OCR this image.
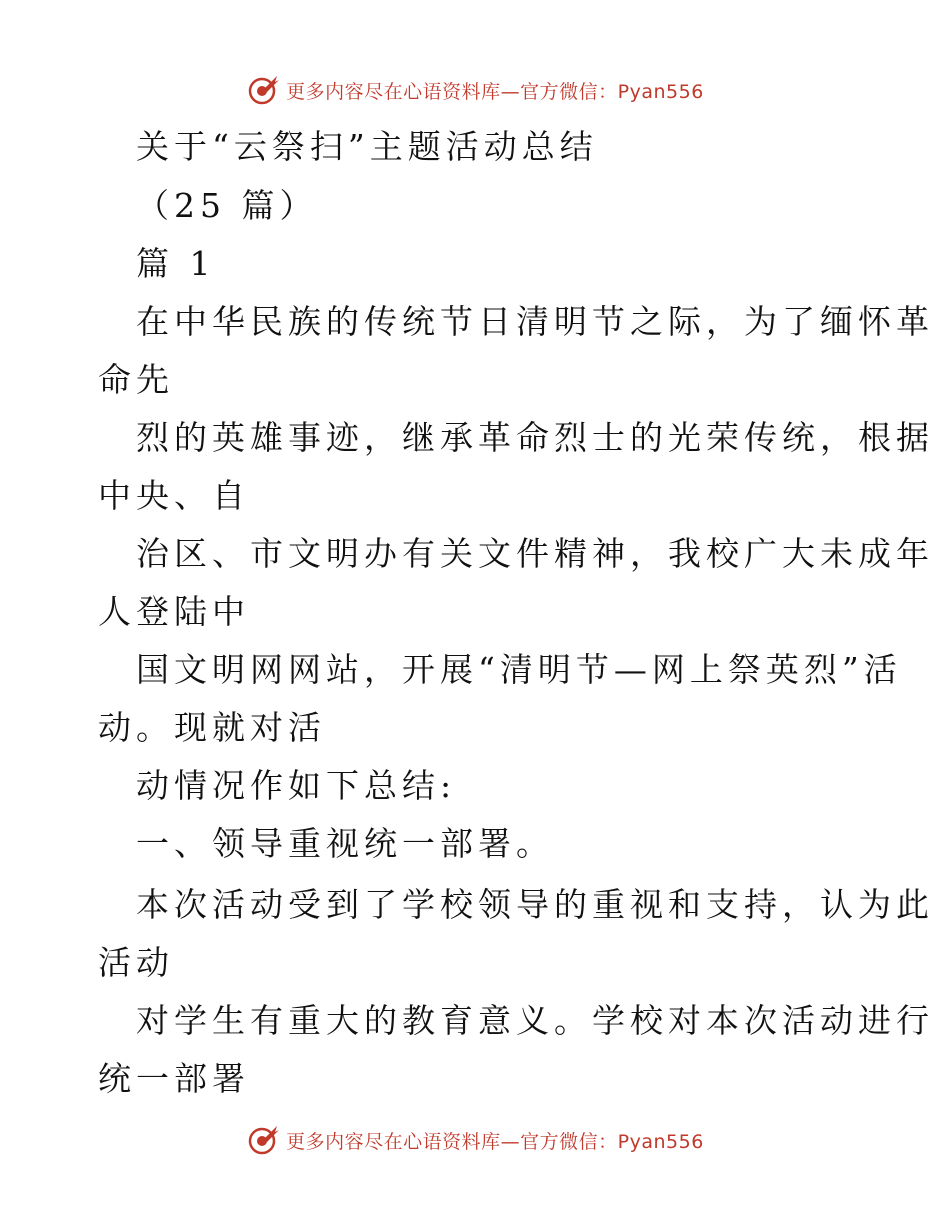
更多内容尽在心语资料库—官方微信：Pyan556
关于“云祭扫”主题活动总结
（25 篇）
篇 1
在中华民族的传统节日清明节之际，为了缅怀革
命先
烈的英雄事迹，继承革命烈士的光荣传统，根据
中央、自
治区、市文明办有关文件精神，我校广大未成年
人登陆中
国文明网网站，开展“清明节—网上祭英烈”活
动。现就对活
动情况作如下总结:
一、领导重视统一部署。
本次活动受到了学校领导的重视和支持，认为此
活动
对学生有重大的教育意义。学校对本次活动进行
统一部署
更多内容尽在心语资料库—官方微信：Pyan556
